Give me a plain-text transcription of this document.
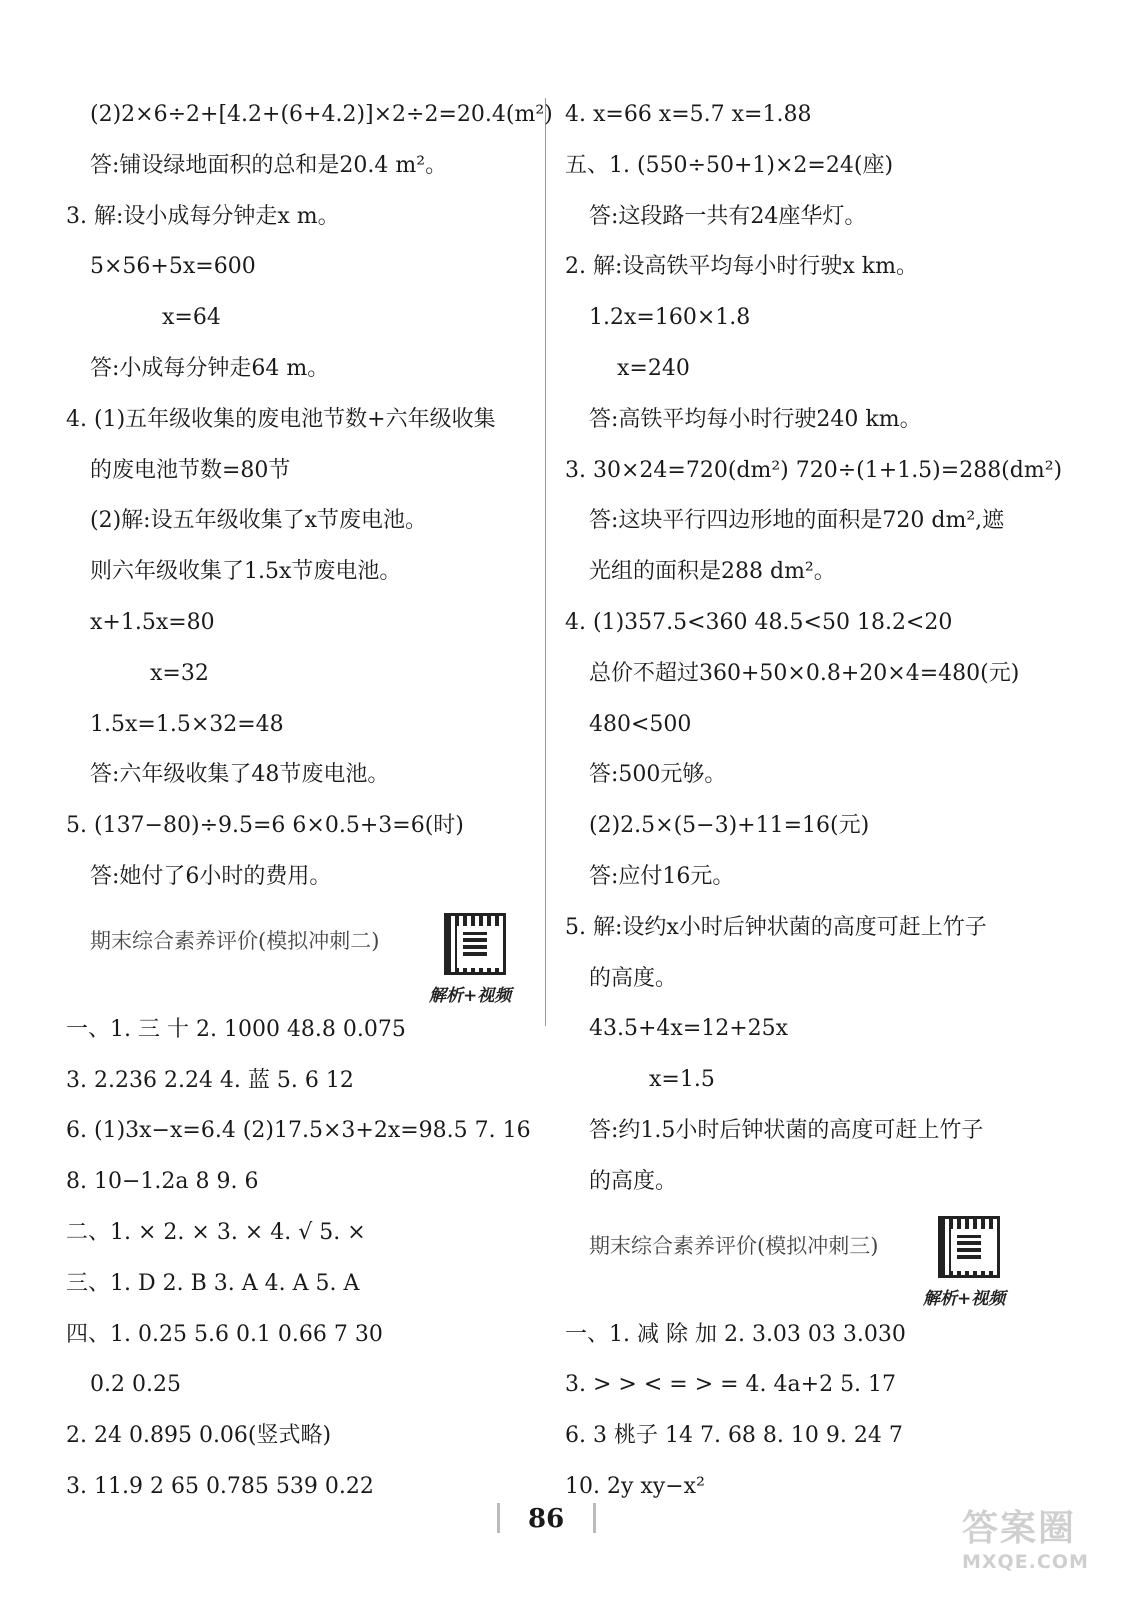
(2)2×6÷2+[4.2+(6+4.2)]×2÷2=20.4(m²)
答:铺设绿地面积的总和是20.4 m²。
3. 解:设小成每分钟走x m。
5×56+5x=600
x=64
答:小成每分钟走64 m。
4. (1)五年级收集的废电池节数+六年级收集
的废电池节数=80节
(2)解:设五年级收集了x节废电池。
则六年级收集了1.5x节废电池。
x+1.5x=80
x=32
1.5x=1.5×32=48
答:六年级收集了48节废电池。
5. (137−80)÷9.5=6 6×0.5+3=6(时)
答:她付了6小时的费用。
期末综合素养评价(模拟冲刺二)
解析+视频
一、1. 三 十 2. 1000 48.8 0.075
3. 2.236 2.24 4. 蓝 5. 6 12
6. (1)3x−x=6.4 (2)17.5×3+2x=98.5 7. 16
8. 10−1.2a 8 9. 6
二、1. × 2. × 3. × 4. √ 5. ×
三、1. D 2. B 3. A 4. A 5. A
四、1. 0.25 5.6 0.1 0.66 7 30
0.2 0.25
2. 24 0.895 0.06(竖式略)
3. 11.9 2 65 0.785 539 0.22
4. x=66 x=5.7 x=1.88
五、1. (550÷50+1)×2=24(座)
答:这段路一共有24座华灯。
2. 解:设高铁平均每小时行驶x km。
1.2x=160×1.8
x=240
答:高铁平均每小时行驶240 km。
3. 30×24=720(dm²) 720÷(1+1.5)=288(dm²)
答:这块平行四边形地的面积是720 dm²,遮
光组的面积是288 dm²。
4. (1)357.5<360 48.5<50 18.2<20
总价不超过360+50×0.8+20×4=480(元)
480<500
答:500元够。
(2)2.5×(5−3)+11=16(元)
答:应付16元。
5. 解:设约x小时后钟状菌的高度可赶上竹子
的高度。
43.5+4x=12+25x
x=1.5
答:约1.5小时后钟状菌的高度可赶上竹子
的高度。
期末综合素养评价(模拟冲刺三)
解析+视频
一、1. 减 除 加 2. 3.03 03 3.030
3. > > < = > = 4. 4a+2 5. 17
6. 3 桃子 14 7. 68 8. 10 9. 24 7
10. 2y xy−x²
86	答案圈
MXQE.COM
